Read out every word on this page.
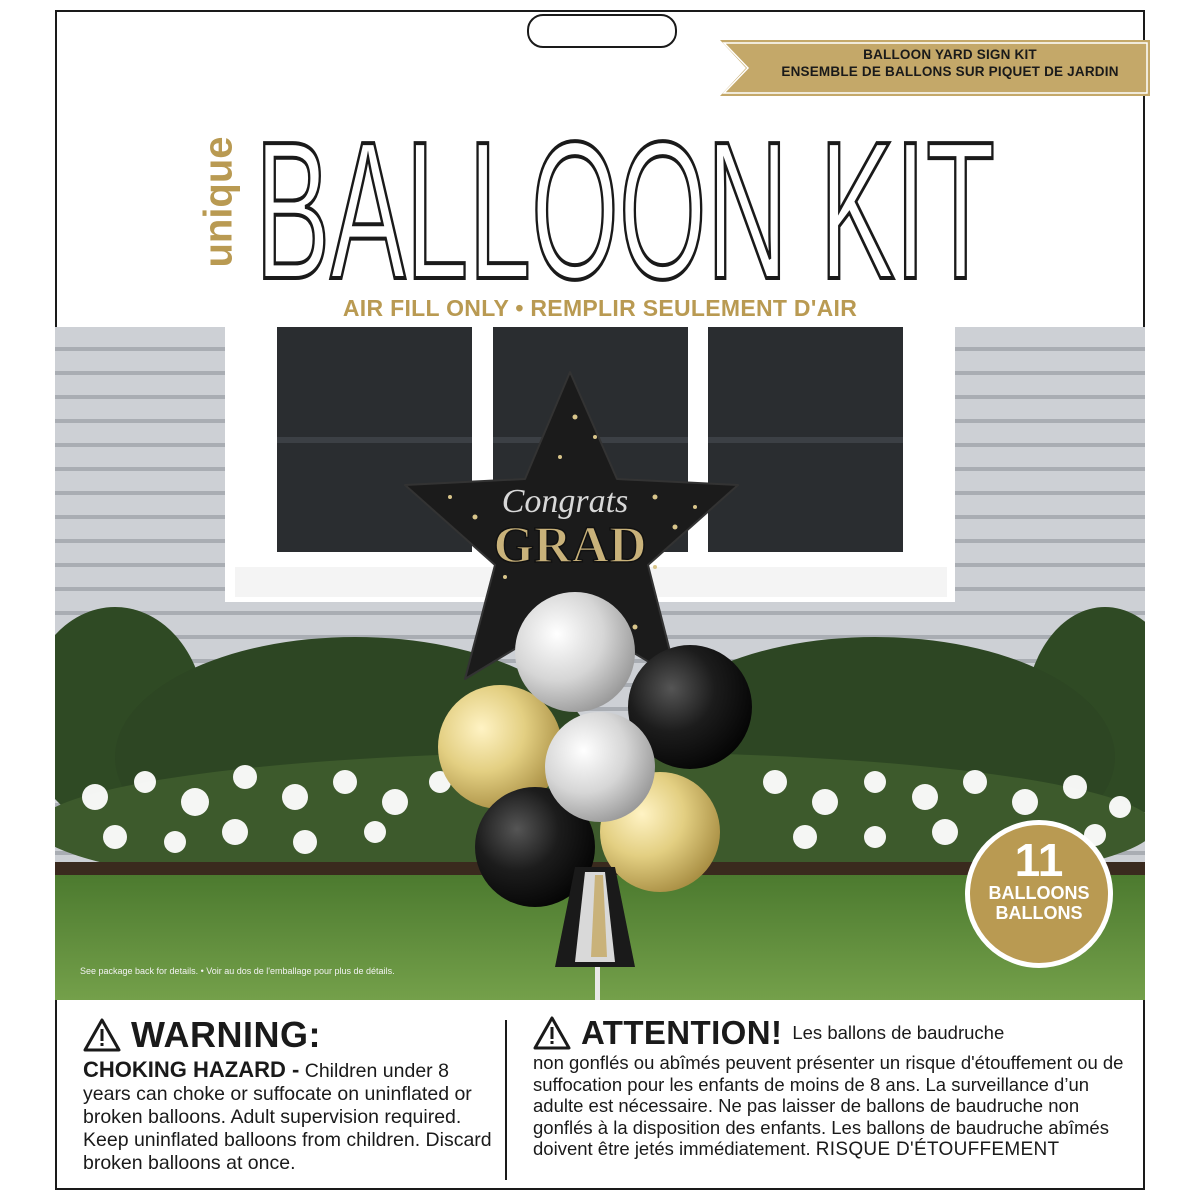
BALLOON YARD SIGN KIT
ENSEMBLE DE BALLONS SUR PIQUET DE JARDIN
unique BALLOON KIT
AIR FILL ONLY • REMPLIR SEULEMENT D'AIR
Congrats
GRAD
See package back for details. • Voir au dos de l'emballage pour plus de détails.
11
BALLOONS
BALLONS
WARNING:
CHOKING HAZARD - Children under 8 years can choke or suffocate on uninflated or broken balloons. Adult supervision required. Keep uninflated balloons from children. Discard broken balloons at once.
ATTENTION! Les ballons de baudruche
non gonflés ou abîmés peuvent présenter un risque d'étouffement ou de suffocation pour les enfants de moins de 8 ans. La surveillance d’un adulte est nécessaire. Ne pas laisser de ballons de baudruche non gonflés à la disposition des enfants. Les ballons de baudruche abîmés doivent être jetés immédiatement. RISQUE D'ÉTOUFFEMENT
